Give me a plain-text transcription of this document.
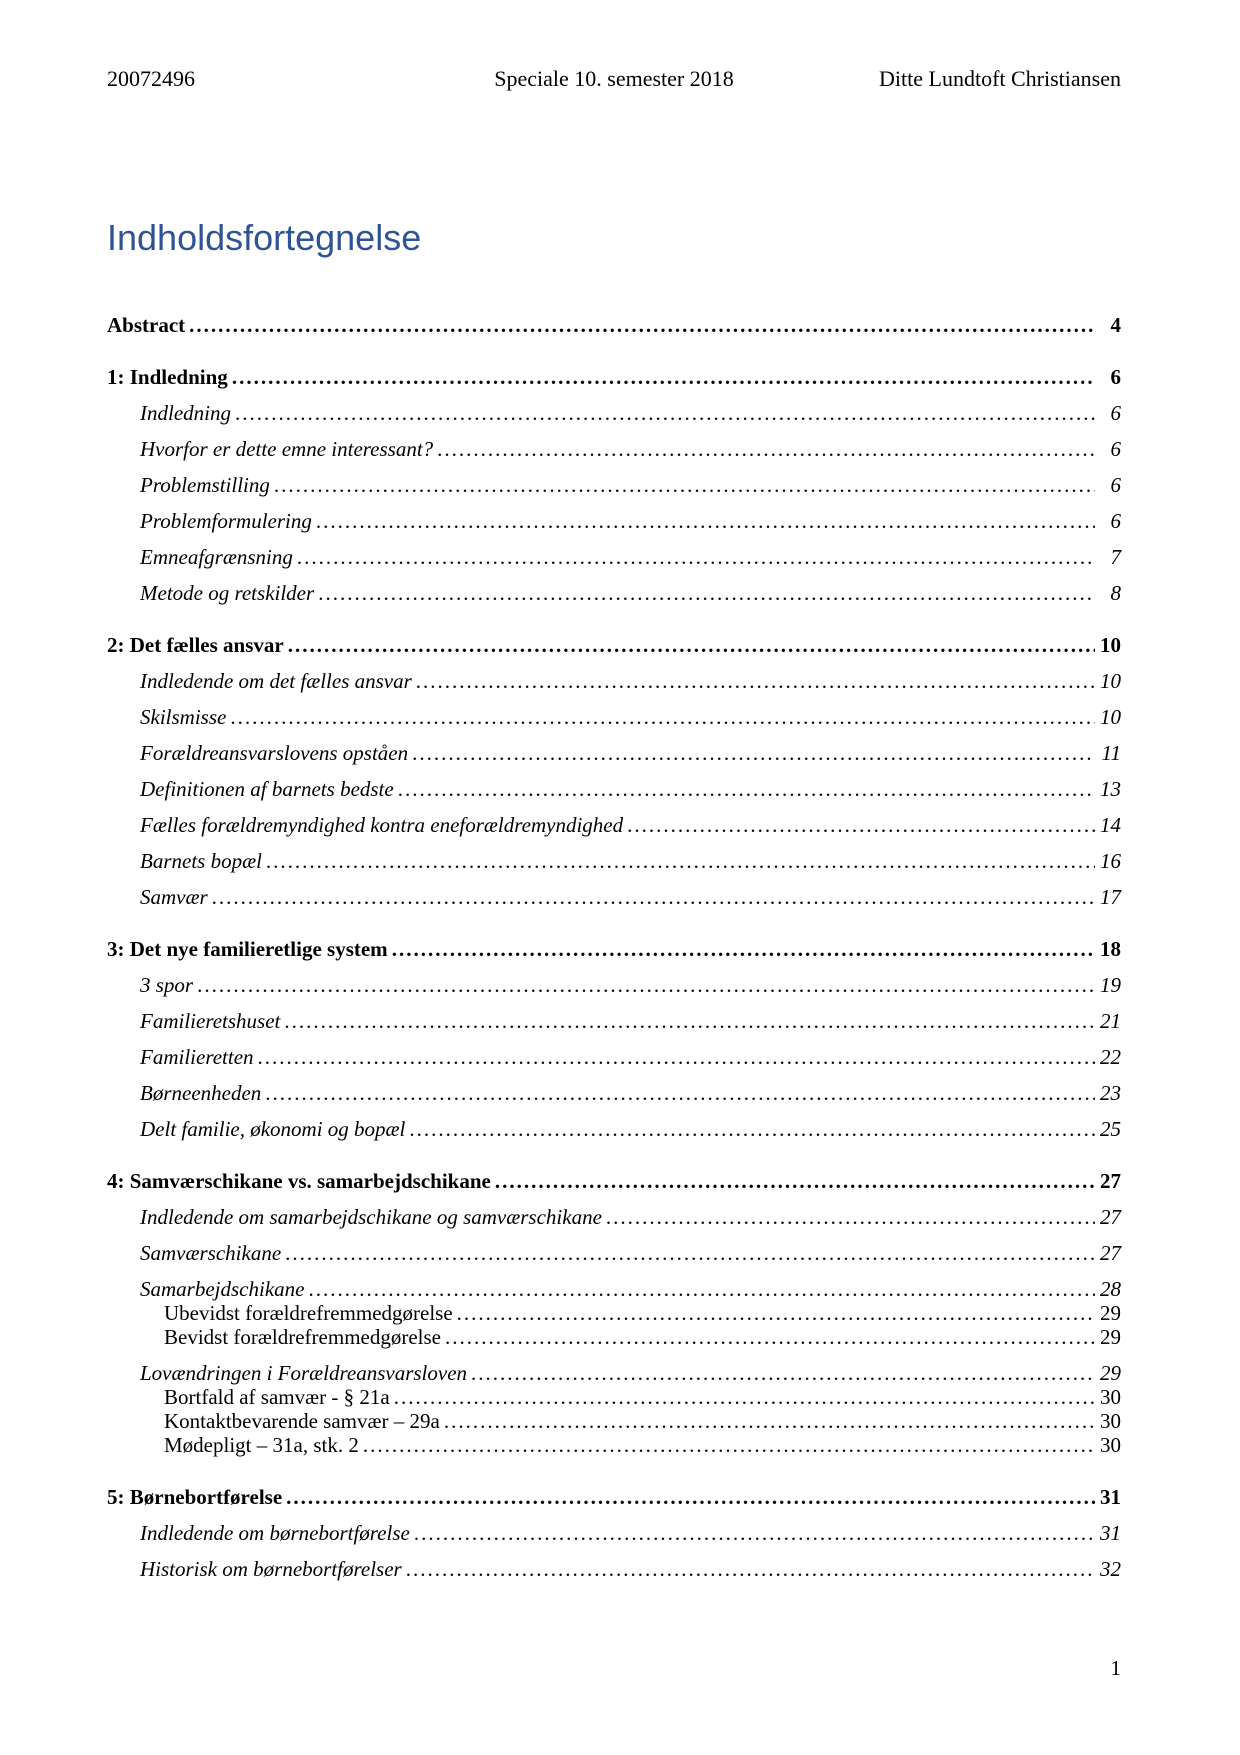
20072496	Speciale 10. semester 2018	Ditte Lundtoft Christiansen
Indholdsfortegnelse
Abstract .....	4
1: Indledning .....	6
Indledning .....	6
Hvorfor er dette emne interessant? .....	6
Problemstilling .....	6
Problemformulering .....	6
Emneafgrænsning .....	7
Metode og retskilder .....	8
2: Det fælles ansvar .....	10
Indledende om det fælles ansvar .....	10
Skilsmisse .....	10
Forældreansvarslovens opståen .....	11
Definitionen af barnets bedste .....	13
Fælles forældremyndighed kontra eneforældremyndighed .....	14
Barnets bopæl .....	16
Samvær .....	17
3: Det nye familieretlige system .....	18
3 spor .....	19
Familieretshuset .....	21
Familieretten .....	22
Børneenheden .....	23
Delt familie, økonomi og bopæl .....	25
4: Samværschikane vs. samarbejdschikane .....	27
Indledende om samarbejdschikane og samværschikane .....	27
Samværschikane .....	27
Samarbejdschikane .....	28
Ubevidst forældrefremmedgørelse .....	29
Bevidst forældrefremmedgørelse .....	29
Lovændringen i Forældreansvarsloven .....	29
Bortfald af samvær - § 21a .....	30
Kontaktbevarende samvær – 29a .....	30
Mødepligt – 31a, stk. 2 .....	30
5: Børnebortførelse .....	31
Indledende om børnebortførelse .....	31
Historisk om børnebortførelser .....	32
1
